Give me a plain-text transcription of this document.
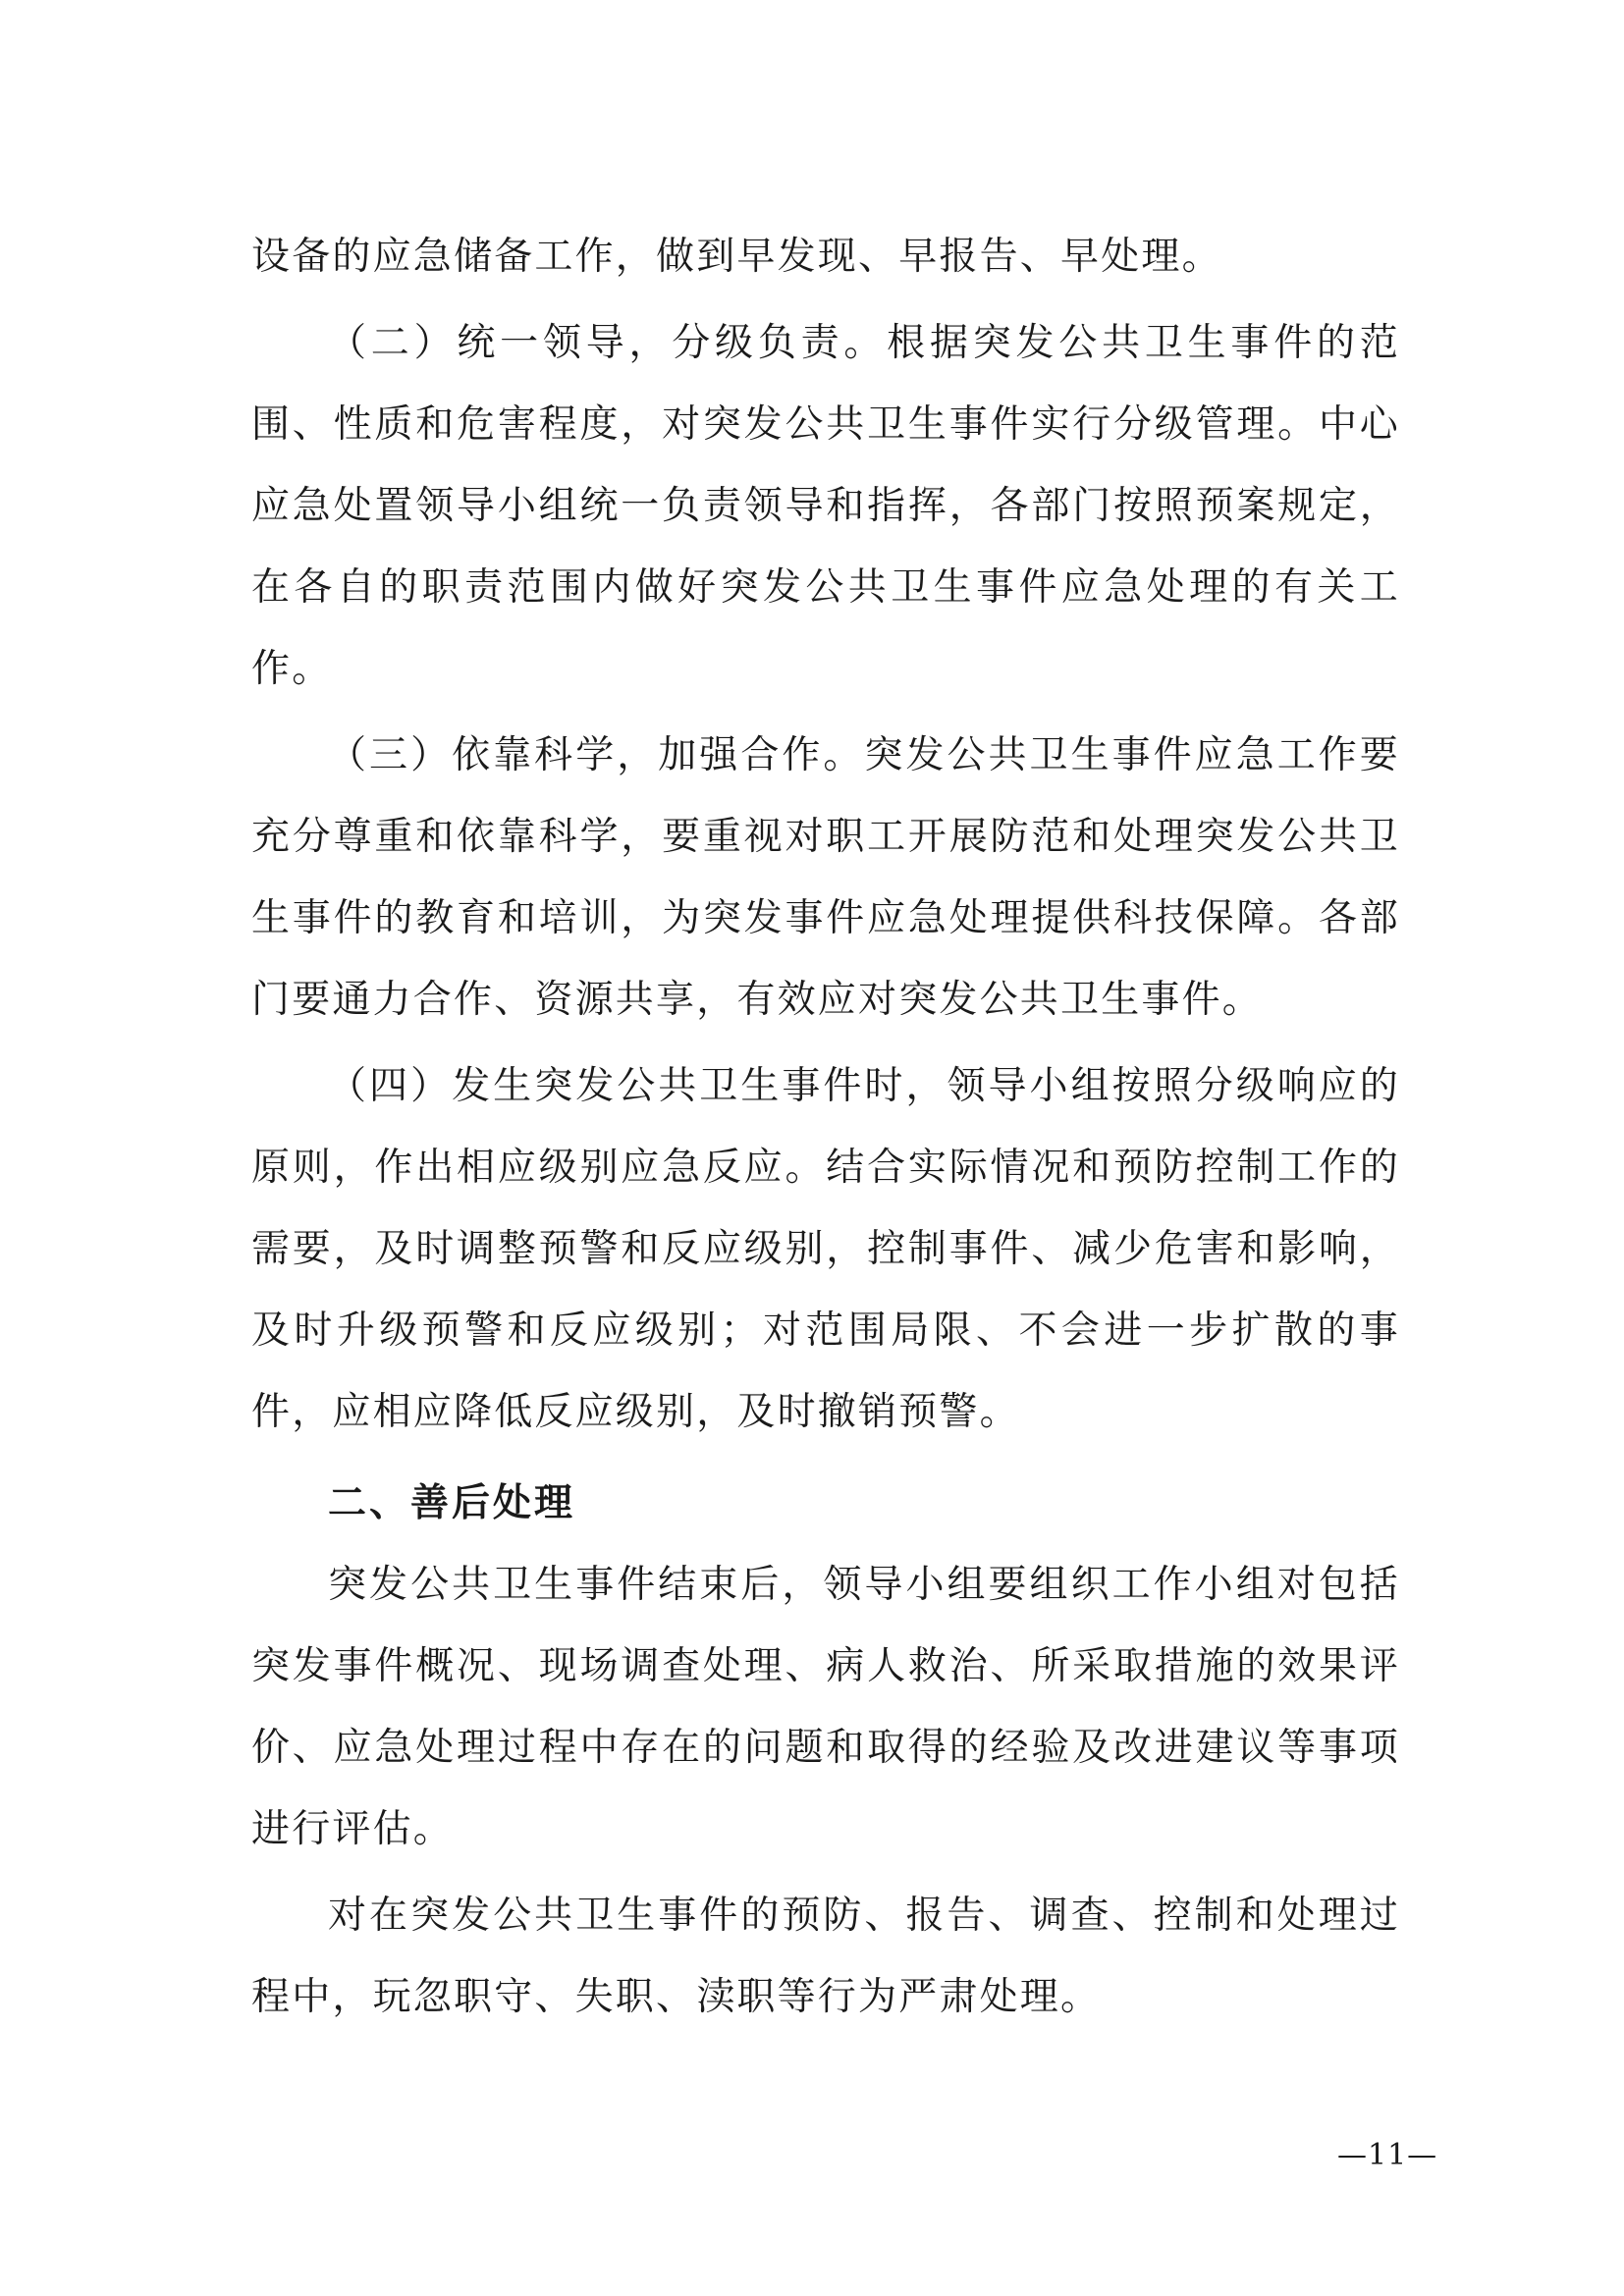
设备的应急储备工作，做到早发现、早报告、早处理。

（二）统一领导，分级负责。根据突发公共卫生事件的范围、性质和危害程度，对突发公共卫生事件实行分级管理。中心应急处置领导小组统一负责领导和指挥，各部门按照预案规定，在各自的职责范围内做好突发公共卫生事件应急处理的有关工作。

（三）依靠科学，加强合作。突发公共卫生事件应急工作要充分尊重和依靠科学，要重视对职工开展防范和处理突发公共卫生事件的教育和培训，为突发事件应急处理提供科技保障。各部门要通力合作、资源共享，有效应对突发公共卫生事件。

（四）发生突发公共卫生事件时，领导小组按照分级响应的原则，作出相应级别应急反应。结合实际情况和预防控制工作的需要，及时调整预警和反应级别，控制事件、减少危害和影响，及时升级预警和反应级别；对范围局限、不会进一步扩散的事件，应相应降低反应级别，及时撤销预警。

二、善后处理

突发公共卫生事件结束后，领导小组要组织工作小组对包括突发事件概况、现场调查处理、病人救治、所采取措施的效果评价、应急处理过程中存在的问题和取得的经验及改进建议等事项进行评估。

对在突发公共卫生事件的预防、报告、调查、控制和处理过程中，玩忽职守、失职、渎职等行为严肃处理。

—11—
